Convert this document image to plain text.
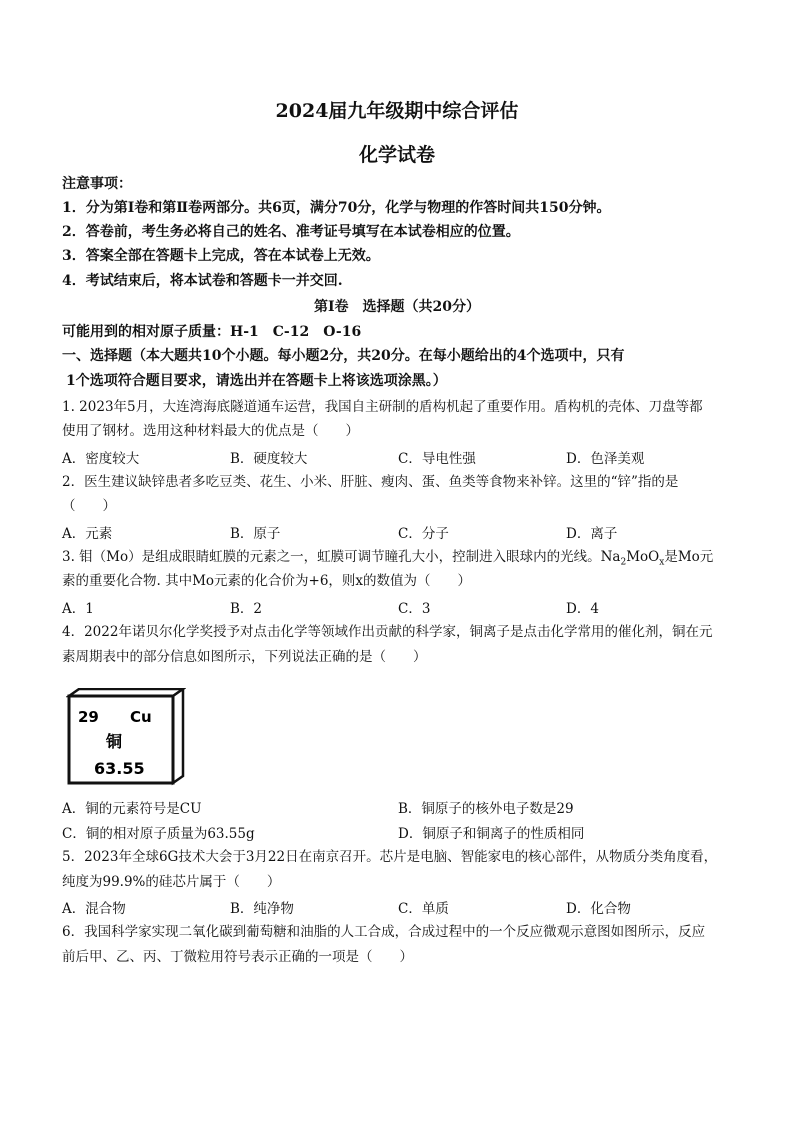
2024届九年级期中综合评估
化学试卷
注意事项：
1．分为第Ⅰ卷和第Ⅱ卷两部分。共6页，满分70分，化学与物理的作答时间共150分钟。
2．答卷前，考生务必将自己的姓名、准考证号填写在本试卷相应的位置。
3．答案全部在答题卡上完成，答在本试卷上无效。
4．考试结束后，将本试卷和答题卡一并交回.
第Ⅰ卷　选择题（共20分）
可能用到的相对原子质量：H-1　C-12　O-16
一、选择题（本大题共10个小题。每小题2分，共20分。在每小题给出的4个选项中，只有
1个选项符合题目要求，请选出并在答题卡上将该选项涂黑。）
1. 2023年5月，大连湾海底隧道通车运营，我国自主研制的盾构机起了重要作用。盾构机的壳体、刀盘等都
使用了钢材。选用这种材料最大的优点是（　　）
A．密度较大	B．硬度较大	C．导电性强	D．色泽美观
2．医生建议缺锌患者多吃豆类、花生、小米、肝脏、瘦肉、蛋、鱼类等食物来补锌。这里的“锌”指的是
（　　）
A．元素	B．原子	C．分子	D．离子
3. 钼（Mo）是组成眼睛虹膜的元素之一，虹膜可调节瞳孔大小，控制进入眼球内的光线。$Na_2MoO_x$是Mo元
素的重要化合物. 其中Mo元素的化合价为+6，则x的数值为（　　）
A．1	B．2	C．3	D．4
4．2022年诺贝尔化学奖授予对点击化学等领域作出贡献的科学家，铜离子是点击化学常用的催化剂，铜在元
素周期表中的部分信息如图所示，下列说法正确的是（　　）
29 Cu
铜
63.55
A．铜的元素符号是CU	B．铜原子的核外电子数是29
C．铜的相对原子质量为63.55g	D．铜原子和铜离子的性质相同
5．2023年全球6G技术大会于3月22日在南京召开。芯片是电脑、智能家电的核心部件，从物质分类角度看，
纯度为99.9%的硅芯片属于（　　）
A．混合物	B．纯净物	C．单质	D．化合物
6．我国科学家实现二氧化碳到葡萄糖和油脂的人工合成，合成过程中的一个反应微观示意图如图所示，反应
前后甲、乙、丙、丁微粒用符号表示正确的一项是（　　）
